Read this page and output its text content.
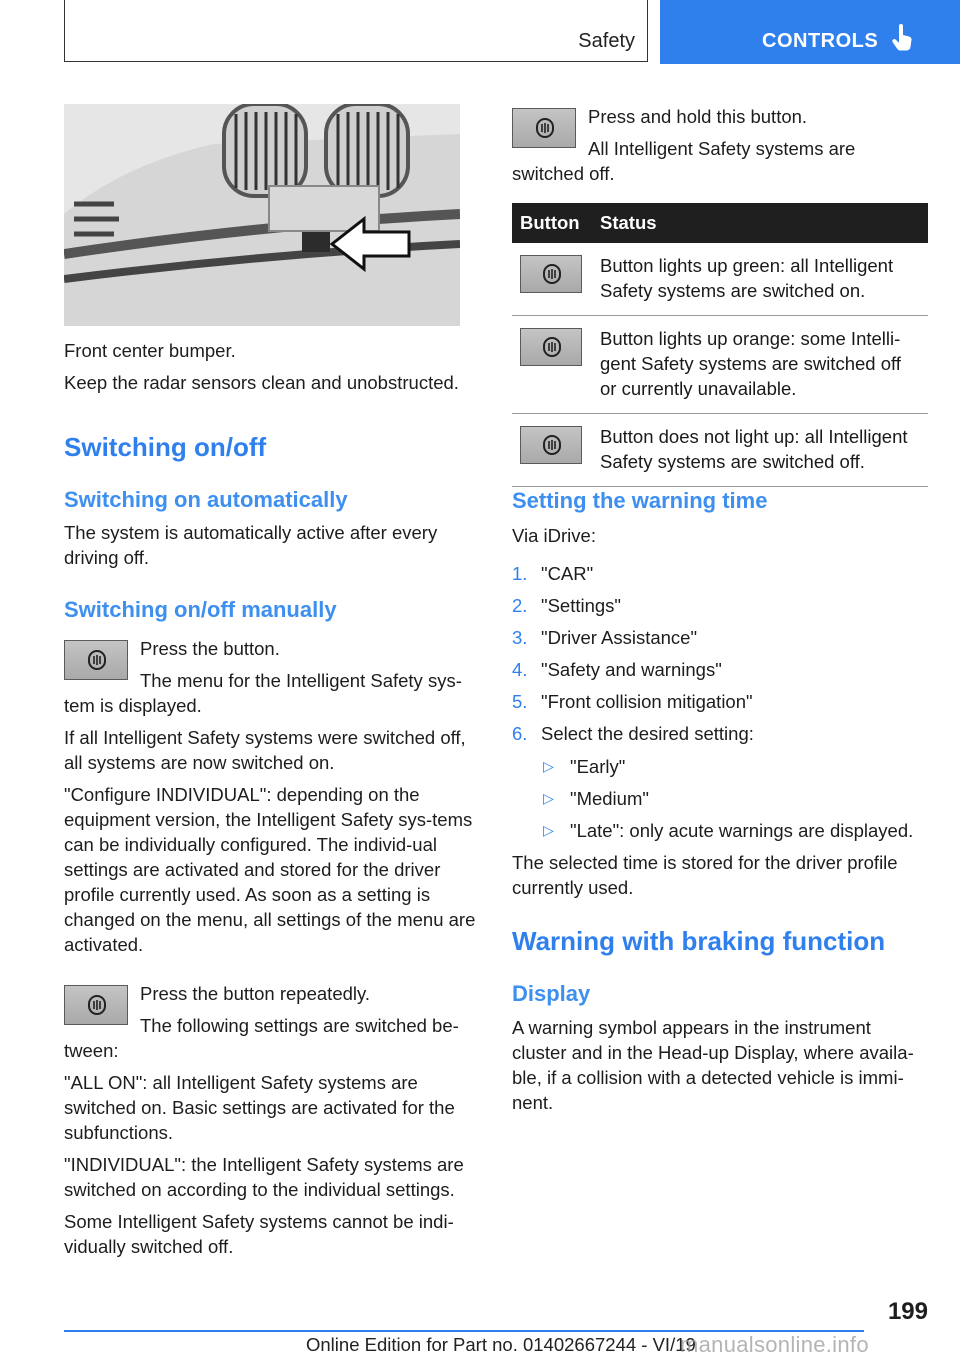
Safety	CONTROLS

Front center bumper.

Keep the radar sensors clean and unobstructed.

Switching on/off
Switching on automatically

The system is automatically active after every driving off.

Switching on/off manually

Press the button.

The menu for the Intelligent Safety sys-

tem is displayed.

If all Intelligent Safety systems were switched off, all systems are now switched on.

"Configure INDIVIDUAL": depending on the equipment version, the Intelligent Safety sys-tems can be individually configured. The individ-ual settings are activated and stored for the driver profile currently used. As soon as a setting is changed on the menu, all settings of the menu are activated.

Press the button repeatedly.

The following settings are switched be-

tween:

"ALL ON": all Intelligent Safety systems are switched on. Basic settings are activated for the subfunctions.

"INDIVIDUAL": the Intelligent Safety systems are switched on according to the individual settings.

Some Intelligent Safety systems cannot be indi-vidually switched off.

Press and hold this button.

All Intelligent Safety systems are

switched off.

Button	Status

	Button lights up green: all Intelligent Safety systems are switched on.

	Button lights up orange: some Intelli-gent Safety systems are switched off or currently unavailable.

	Button does not light up: all Intelligent Safety systems are switched off.
Setting the warning time

Via iDrive:

1. "CAR"
2. "Settings"
3. "Driver Assistance"
4. "Safety and warnings"
5. "Front collision mitigation"
6. Select the desired setting:
▷ "Early"
▷ "Medium"
▷ "Late": only acute warnings are displayed.

The selected time is stored for the driver profile currently used.

Warning with braking function
Display

A warning symbol appears in the instrument cluster and in the Head-up Display, where availa-ble, if a collision with a detected vehicle is immi-nent.

199
Online Edition for Part no. 01402667244 - VI/19
manualsonline.info
